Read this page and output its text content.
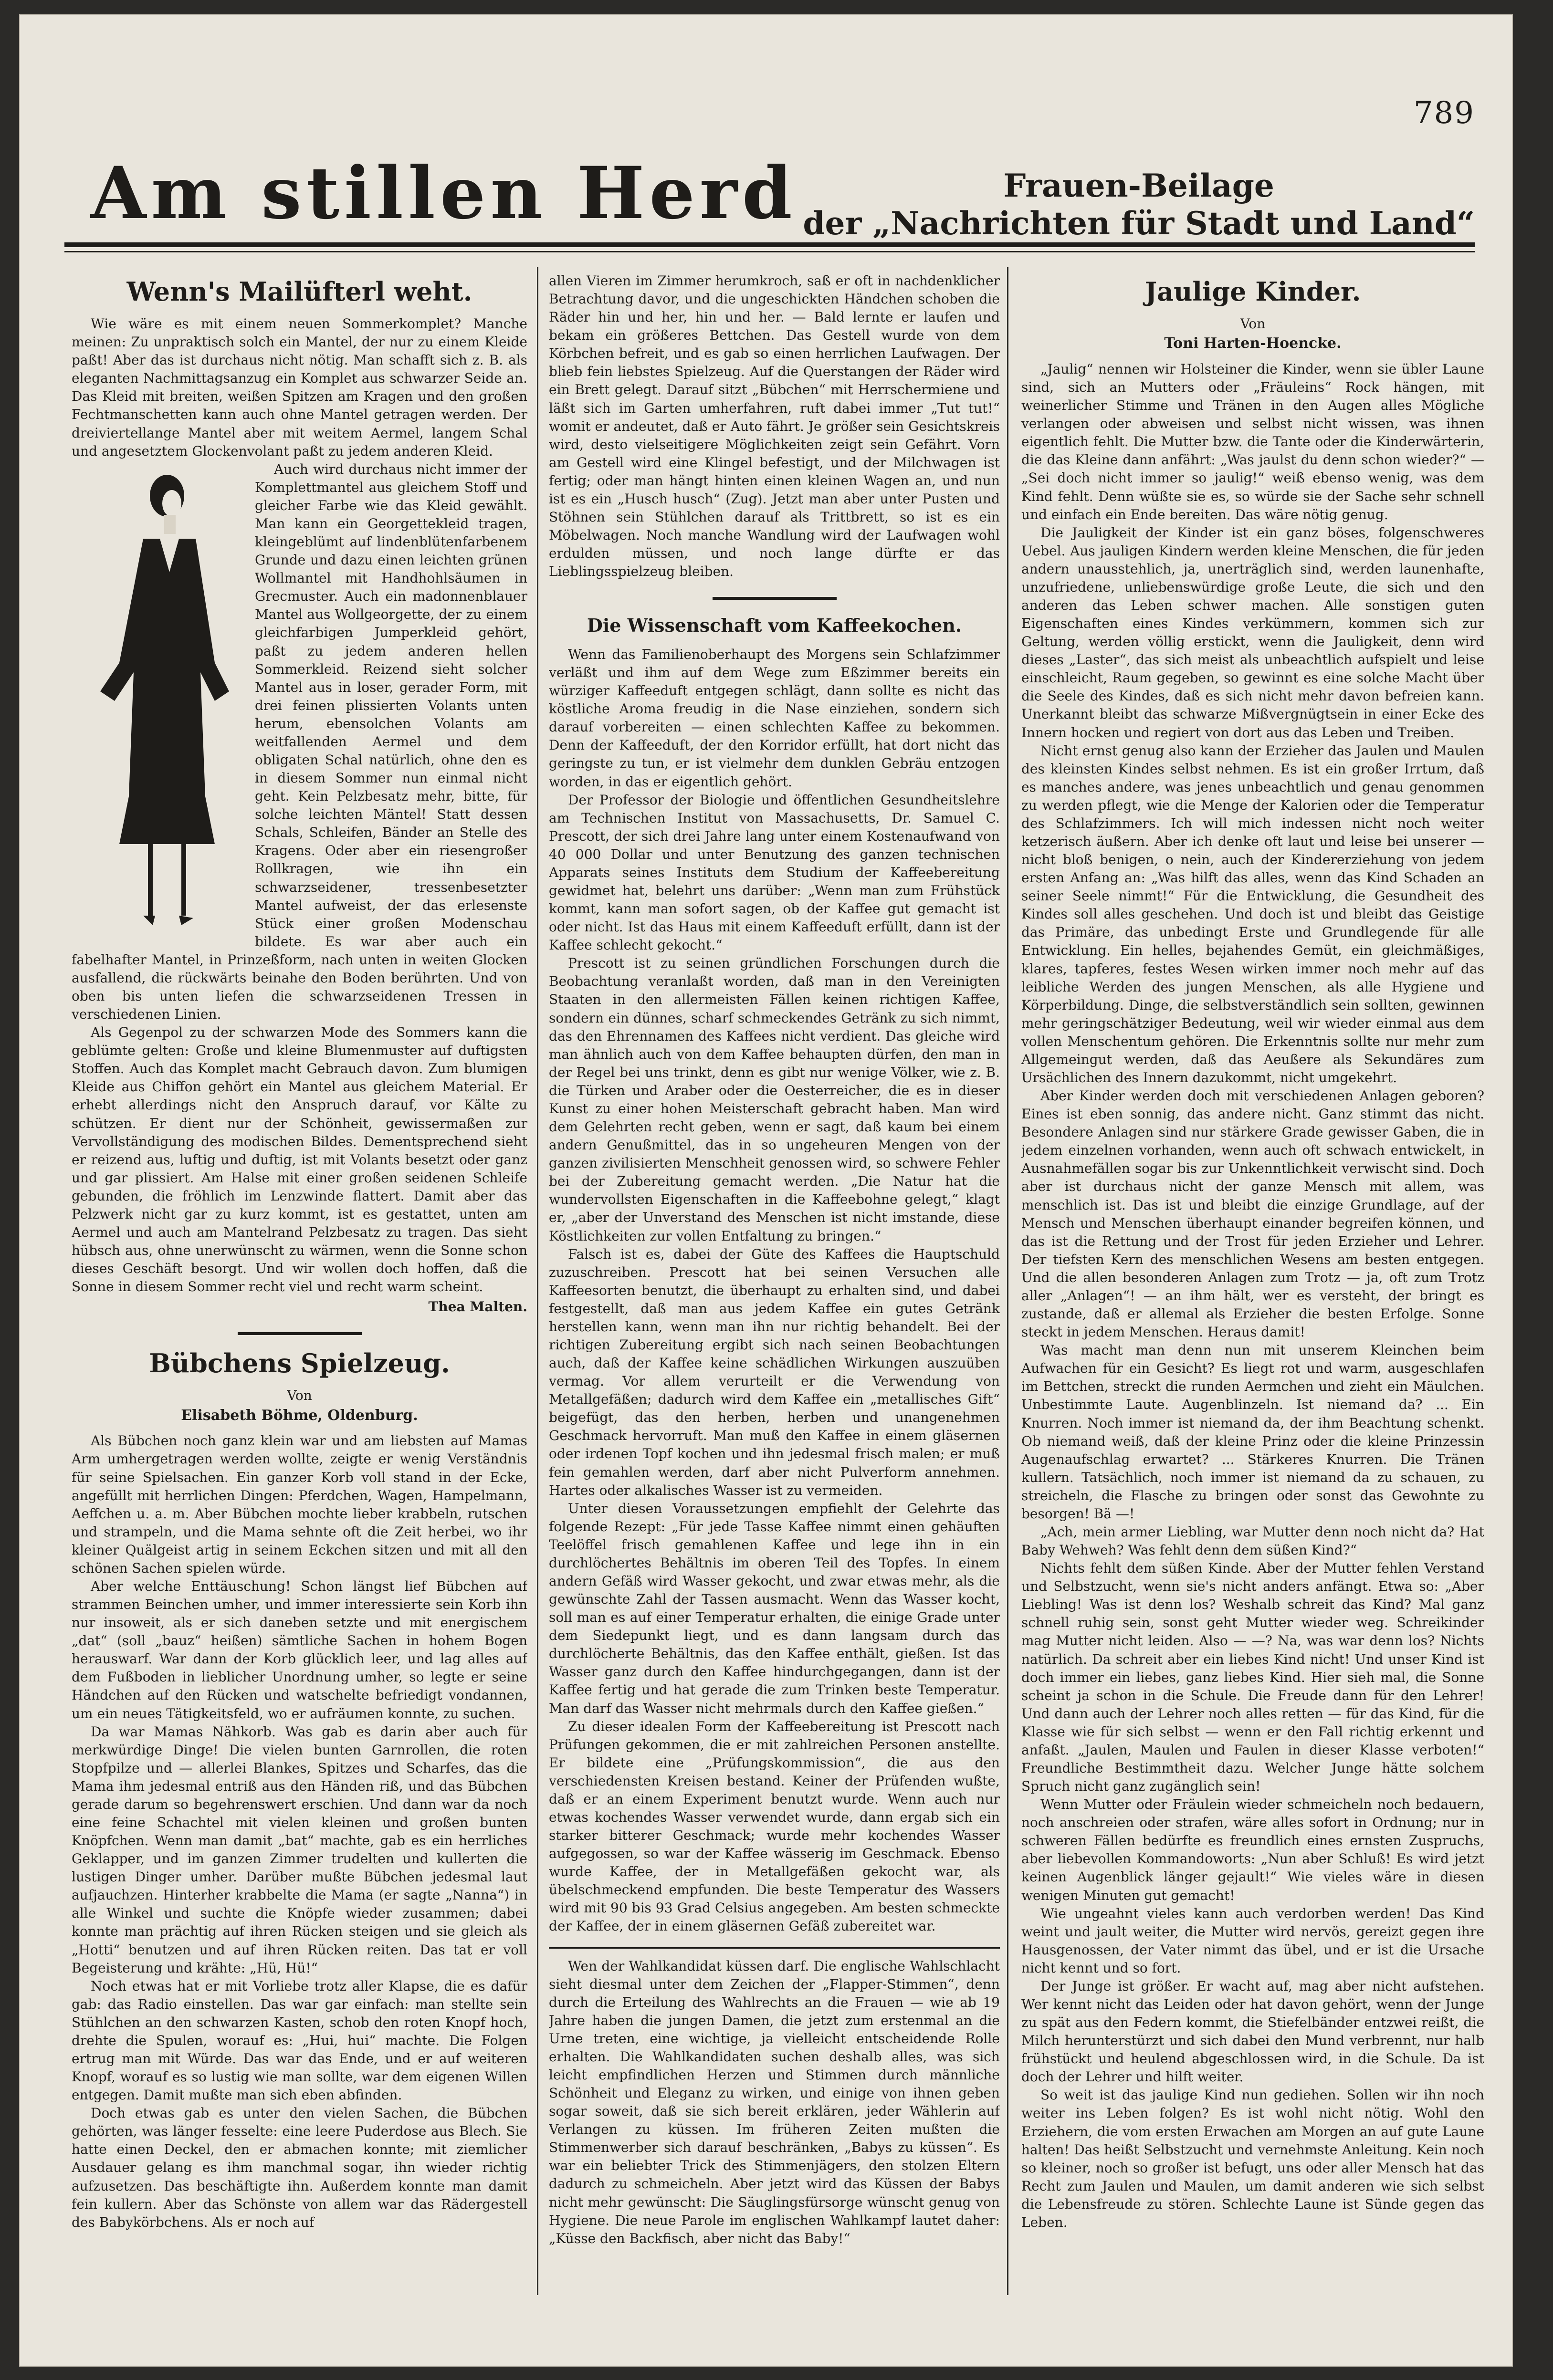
789
Am stillen Herd	Frauen-Beilage
der „Nachrichten für Stadt und Land“
Wenn's Mailüfterl weht.

Wie wäre es mit einem neuen Sommerkomplet? Manche meinen: Zu unpraktisch solch ein Mantel, der nur zu einem Kleide paßt! Aber das ist durchaus nicht nötig. Man schafft sich z. B. als eleganten Nachmittagsanzug ein Komplet aus schwarzer Seide an. Das Kleid mit breiten, weißen Spitzen am Kragen und den großen Fechtmanschetten kann auch ohne Mantel getragen werden. Der dreiviertellange Mantel aber mit weitem Aermel, langem Schal und angesetztem Glockenvolant paßt zu jedem anderen Kleid.

Auch wird durchaus nicht immer der Komplettmantel aus gleichem Stoff und gleicher Farbe wie das Kleid gewählt. Man kann ein Georgettekleid tragen, kleingeblümt auf lindenblütenfarbenem Grunde und dazu einen leichten grünen Wollmantel mit Handhohlsäumen in Grecmuster. Auch ein madonnenblauer Mantel aus Wollgeorgette, der zu einem gleichfarbigen Jumperkleid gehört, paßt zu jedem anderen hellen Sommerkleid. Reizend sieht solcher Mantel aus in loser, gerader Form, mit drei feinen plissierten Volants unten herum, ebensolchen Volants am weitfallenden Aermel und dem obligaten Schal natürlich, ohne den es in diesem Sommer nun einmal nicht geht. Kein Pelzbesatz mehr, bitte, für solche leichten Mäntel! Statt dessen Schals, Schleifen, Bänder an Stelle des Kragens. Oder aber ein riesengroßer Rollkragen, wie ihn ein schwarzseidener, tressenbesetzter Mantel aufweist, der das erlesenste Stück einer großen Modenschau bildete. Es war aber auch ein fabelhafter Mantel, in Prinzeßform, nach unten in weiten Glocken ausfallend, die rückwärts beinahe den Boden berührten. Und von oben bis unten liefen die schwarzseidenen Tressen in verschiedenen Linien.

Als Gegenpol zu der schwarzen Mode des Sommers kann die geblümte gelten: Große und kleine Blumenmuster auf duftigsten Stoffen. Auch das Komplet macht Gebrauch davon. Zum blumigen Kleide aus Chiffon gehört ein Mantel aus gleichem Material. Er erhebt allerdings nicht den Anspruch darauf, vor Kälte zu schützen. Er dient nur der Schönheit, gewissermaßen zur Vervollständigung des modischen Bildes. Dementsprechend sieht er reizend aus, luftig und duftig, ist mit Volants besetzt oder ganz und gar plissiert. Am Halse mit einer großen seidenen Schleife gebunden, die fröhlich im Lenzwinde flattert. Damit aber das Pelzwerk nicht gar zu kurz kommt, ist es gestattet, unten am Aermel und auch am Mantelrand Pelzbesatz zu tragen. Das sieht hübsch aus, ohne unerwünscht zu wärmen, wenn die Sonne schon dieses Geschäft besorgt. Und wir wollen doch hoffen, daß die Sonne in diesem Sommer recht viel und recht warm scheint.

Thea Malten.
Bübchens Spielzeug.
Von
Elisabeth Böhme, Oldenburg.

Als Bübchen noch ganz klein war und am liebsten auf Mamas Arm umhergetragen werden wollte, zeigte er wenig Verständnis für seine Spielsachen. Ein ganzer Korb voll stand in der Ecke, angefüllt mit herrlichen Dingen: Pferdchen, Wagen, Hampelmann, Aeffchen u. a. m. Aber Bübchen mochte lieber krabbeln, rutschen und strampeln, und die Mama sehnte oft die Zeit herbei, wo ihr kleiner Quälgeist artig in seinem Eckchen sitzen und mit all den schönen Sachen spielen würde.

Aber welche Enttäuschung! Schon längst lief Bübchen auf strammen Beinchen umher, und immer interessierte sein Korb ihn nur insoweit, als er sich daneben setzte und mit energischem „dat“ (soll „bauz“ heißen) sämtliche Sachen in hohem Bogen herauswarf. War dann der Korb glücklich leer, und lag alles auf dem Fußboden in lieblicher Unordnung umher, so legte er seine Händchen auf den Rücken und watschelte befriedigt vondannen, um ein neues Tätigkeitsfeld, wo er aufräumen konnte, zu suchen.

Da war Mamas Nähkorb. Was gab es darin aber auch für merkwürdige Dinge! Die vielen bunten Garnrollen, die roten Stopfpilze und — allerlei Blankes, Spitzes und Scharfes, das die Mama ihm jedesmal entriß aus den Händen riß, und das Bübchen gerade darum so begehrenswert erschien. Und dann war da noch eine feine Schachtel mit vielen kleinen und großen bunten Knöpfchen. Wenn man damit „bat“ machte, gab es ein herrliches Geklapper, und im ganzen Zimmer trudelten und kullerten die lustigen Dinger umher. Darüber mußte Bübchen jedesmal laut aufjauchzen. Hinterher krabbelte die Mama (er sagte „Nanna“) in alle Winkel und suchte die Knöpfe wieder zusammen; dabei konnte man prächtig auf ihren Rücken steigen und sie gleich als „Hotti“ benutzen und auf ihren Rücken reiten. Das tat er voll Begeisterung und krähte: „Hü, Hü!“

Noch etwas hat er mit Vorliebe trotz aller Klapse, die es dafür gab: das Radio einstellen. Das war gar einfach: man stellte sein Stühlchen an den schwarzen Kasten, schob den roten Knopf hoch, drehte die Spulen, worauf es: „Hui, hui“ machte. Die Folgen ertrug man mit Würde. Das war das Ende, und er auf weiteren Knopf, worauf es so lustig wie man sollte, war dem eigenen Willen entgegen. Damit mußte man sich eben abfinden.

Doch etwas gab es unter den vielen Sachen, die Bübchen gehörten, was länger fesselte: eine leere Puderdose aus Blech. Sie hatte einen Deckel, den er abmachen konnte; mit ziemlicher Ausdauer gelang es ihm manchmal sogar, ihn wieder richtig aufzusetzen. Das beschäftigte ihn. Außerdem konnte man damit fein kullern. Aber das Schönste von allem war das Rädergestell des Babykörbchens. Als er noch auf

allen Vieren im Zimmer herumkroch, saß er oft in nachdenklicher Betrachtung davor, und die ungeschickten Händchen schoben die Räder hin und her, hin und her. — Bald lernte er laufen und bekam ein größeres Bettchen. Das Gestell wurde von dem Körbchen befreit, und es gab so einen herrlichen Laufwagen. Der blieb fein liebstes Spielzeug. Auf die Querstangen der Räder wird ein Brett gelegt. Darauf sitzt „Bübchen“ mit Herrschermiene und läßt sich im Garten umherfahren, ruft dabei immer „Tut tut!“ womit er andeutet, daß er Auto fährt. Je größer sein Gesichtskreis wird, desto vielseitigere Möglichkeiten zeigt sein Gefährt. Vorn am Gestell wird eine Klingel befestigt, und der Milchwagen ist fertig; oder man hängt hinten einen kleinen Wagen an, und nun ist es ein „Husch husch“ (Zug). Jetzt man aber unter Pusten und Stöhnen sein Stühlchen darauf als Trittbrett, so ist es ein Möbelwagen. Noch manche Wandlung wird der Laufwagen wohl erdulden müssen, und noch lange dürfte er das Lieblingsspielzeug bleiben.

Die Wissenschaft vom Kaffeekochen.

Wenn das Familienoberhaupt des Morgens sein Schlafzimmer verläßt und ihm auf dem Wege zum Eßzimmer bereits ein würziger Kaffeeduft entgegen schlägt, dann sollte es nicht das köstliche Aroma freudig in die Nase einziehen, sondern sich darauf vorbereiten — einen schlechten Kaffee zu bekommen. Denn der Kaffeeduft, der den Korridor erfüllt, hat dort nicht das geringste zu tun, er ist vielmehr dem dunklen Gebräu entzogen worden, in das er eigentlich gehört.

Der Professor der Biologie und öffentlichen Gesundheitslehre am Technischen Institut von Massachusetts, Dr. Samuel C. Prescott, der sich drei Jahre lang unter einem Kostenaufwand von 40 000 Dollar und unter Benutzung des ganzen technischen Apparats seines Instituts dem Studium der Kaffeebereitung gewidmet hat, belehrt uns darüber: „Wenn man zum Frühstück kommt, kann man sofort sagen, ob der Kaffee gut gemacht ist oder nicht. Ist das Haus mit einem Kaffeeduft erfüllt, dann ist der Kaffee schlecht gekocht.“

Prescott ist zu seinen gründlichen Forschungen durch die Beobachtung veranlaßt worden, daß man in den Vereinigten Staaten in den allermeisten Fällen keinen richtigen Kaffee, sondern ein dünnes, scharf schmeckendes Getränk zu sich nimmt, das den Ehrennamen des Kaffees nicht verdient. Das gleiche wird man ähnlich auch von dem Kaffee behaupten dürfen, den man in der Regel bei uns trinkt, denn es gibt nur wenige Völker, wie z. B. die Türken und Araber oder die Oesterreicher, die es in dieser Kunst zu einer hohen Meisterschaft gebracht haben. Man wird dem Gelehrten recht geben, wenn er sagt, daß kaum bei einem andern Genußmittel, das in so ungeheuren Mengen von der ganzen zivilisierten Menschheit genossen wird, so schwere Fehler bei der Zubereitung gemacht werden. „Die Natur hat die wundervollsten Eigenschaften in die Kaffeebohne gelegt,“ klagt er, „aber der Unverstand des Menschen ist nicht imstande, diese Köstlichkeiten zur vollen Entfaltung zu bringen.“

Falsch ist es, dabei der Güte des Kaffees die Hauptschuld zuzuschreiben. Prescott hat bei seinen Versuchen alle Kaffeesorten benutzt, die überhaupt zu erhalten sind, und dabei festgestellt, daß man aus jedem Kaffee ein gutes Getränk herstellen kann, wenn man ihn nur richtig behandelt. Bei der richtigen Zubereitung ergibt sich nach seinen Beobachtungen auch, daß der Kaffee keine schädlichen Wirkungen auszuüben vermag. Vor allem verurteilt er die Verwendung von Metallgefäßen; dadurch wird dem Kaffee ein „metallisches Gift“ beigefügt, das den herben, herben und unangenehmen Geschmack hervorruft. Man muß den Kaffee in einem gläsernen oder irdenen Topf kochen und ihn jedesmal frisch malen; er muß fein gemahlen werden, darf aber nicht Pulverform annehmen. Hartes oder alkalisches Wasser ist zu vermeiden.

Unter diesen Voraussetzungen empfiehlt der Gelehrte das folgende Rezept: „Für jede Tasse Kaffee nimmt einen gehäuften Teelöffel frisch gemahlenen Kaffee und lege ihn in ein durchlöchertes Behältnis im oberen Teil des Topfes. In einem andern Gefäß wird Wasser gekocht, und zwar etwas mehr, als die gewünschte Zahl der Tassen ausmacht. Wenn das Wasser kocht, soll man es auf einer Temperatur erhalten, die einige Grade unter dem Siedepunkt liegt, und es dann langsam durch das durchlöcherte Behältnis, das den Kaffee enthält, gießen. Ist das Wasser ganz durch den Kaffee hindurchgegangen, dann ist der Kaffee fertig und hat gerade die zum Trinken beste Temperatur. Man darf das Wasser nicht mehrmals durch den Kaffee gießen.“

Zu dieser idealen Form der Kaffeebereitung ist Prescott nach Prüfungen gekommen, die er mit zahlreichen Personen anstellte. Er bildete eine „Prüfungskommission“, die aus den verschiedensten Kreisen bestand. Keiner der Prüfenden wußte, daß er an einem Experiment benutzt wurde. Wenn auch nur etwas kochendes Wasser verwendet wurde, dann ergab sich ein starker bitterer Geschmack; wurde mehr kochendes Wasser aufgegossen, so war der Kaffee wässerig im Geschmack. Ebenso wurde Kaffee, der in Metallgefäßen gekocht war, als übelschmeckend empfunden. Die beste Temperatur des Wassers wird mit 90 bis 93 Grad Celsius angegeben. Am besten schmeckte der Kaffee, der in einem gläsernen Gefäß zubereitet war.

Wen der Wahlkandidat küssen darf. Die englische Wahlschlacht sieht diesmal unter dem Zeichen der „Flapper-Stimmen“, denn durch die Erteilung des Wahlrechts an die Frauen — wie ab 19 Jahre haben die jungen Damen, die jetzt zum erstenmal an die Urne treten, eine wichtige, ja vielleicht entscheidende Rolle erhalten. Die Wahlkandidaten suchen deshalb alles, was sich leicht empfindlichen Herzen und Stimmen durch männliche Schönheit und Eleganz zu wirken, und einige von ihnen geben sogar soweit, daß sie sich bereit erklären, jeder Wählerin auf Verlangen zu küssen. Im früheren Zeiten mußten die Stimmenwerber sich darauf beschränken, „Babys zu küssen“. Es war ein beliebter Trick des Stimmenjägers, den stolzen Eltern dadurch zu schmeicheln. Aber jetzt wird das Küssen der Babys nicht mehr gewünscht: Die Säuglingsfürsorge wünscht genug von Hygiene. Die neue Parole im englischen Wahlkampf lautet daher: „Küsse den Backfisch, aber nicht das Baby!“

Jaulige Kinder.
Von
Toni Harten-Hoencke.

„Jaulig“ nennen wir Holsteiner die Kinder, wenn sie übler Laune sind, sich an Mutters oder „Fräuleins“ Rock hängen, mit weinerlicher Stimme und Tränen in den Augen alles Mögliche verlangen oder abweisen und selbst nicht wissen, was ihnen eigentlich fehlt. Die Mutter bzw. die Tante oder die Kinderwärterin, die das Kleine dann anfährt: „Was jaulst du denn schon wieder?“ — „Sei doch nicht immer so jaulig!“ weiß ebenso wenig, was dem Kind fehlt. Denn wüßte sie es, so würde sie der Sache sehr schnell und einfach ein Ende bereiten. Das wäre nötig genug.

Die Jauligkeit der Kinder ist ein ganz böses, folgenschweres Uebel. Aus jauligen Kindern werden kleine Menschen, die für jeden andern unausstehlich, ja, unerträglich sind, werden launenhafte, unzufriedene, unliebenswürdige große Leute, die sich und den anderen das Leben schwer machen. Alle sonstigen guten Eigenschaften eines Kindes verkümmern, kommen sich zur Geltung, werden völlig erstickt, wenn die Jauligkeit, denn wird dieses „Laster“, das sich meist als unbeachtlich aufspielt und leise einschleicht, Raum gegeben, so gewinnt es eine solche Macht über die Seele des Kindes, daß es sich nicht mehr davon befreien kann. Unerkannt bleibt das schwarze Mißvergnügtsein in einer Ecke des Innern hocken und regiert von dort aus das Leben und Treiben.

Nicht ernst genug also kann der Erzieher das Jaulen und Maulen des kleinsten Kindes selbst nehmen. Es ist ein großer Irrtum, daß es manches andere, was jenes unbeachtlich und genau genommen zu werden pflegt, wie die Menge der Kalorien oder die Temperatur des Schlafzimmers. Ich will mich indessen nicht noch weiter ketzerisch äußern. Aber ich denke oft laut und leise bei unserer — nicht bloß benigen, o nein, auch der Kindererziehung von jedem ersten Anfang an: „Was hilft das alles, wenn das Kind Schaden an seiner Seele nimmt!“ Für die Entwicklung, die Gesundheit des Kindes soll alles geschehen. Und doch ist und bleibt das Geistige das Primäre, das unbedingt Erste und Grundlegende für alle Entwicklung. Ein helles, bejahendes Gemüt, ein gleichmäßiges, klares, tapferes, festes Wesen wirken immer noch mehr auf das leibliche Werden des jungen Menschen, als alle Hygiene und Körperbildung. Dinge, die selbstverständlich sein sollten, gewinnen mehr geringschätziger Bedeutung, weil wir wieder einmal aus dem vollen Menschentum gehören. Die Erkenntnis sollte nur mehr zum Allgemeingut werden, daß das Aeußere als Sekundäres zum Ursächlichen des Innern dazukommt, nicht umgekehrt.

Aber Kinder werden doch mit verschiedenen Anlagen geboren? Eines ist eben sonnig, das andere nicht. Ganz stimmt das nicht. Besondere Anlagen sind nur stärkere Grade gewisser Gaben, die in jedem einzelnen vorhanden, wenn auch oft schwach entwickelt, in Ausnahmefällen sogar bis zur Unkenntlichkeit verwischt sind. Doch aber ist durchaus nicht der ganze Mensch mit allem, was menschlich ist. Das ist und bleibt die einzige Grundlage, auf der Mensch und Menschen überhaupt einander begreifen können, und das ist die Rettung und der Trost für jeden Erzieher und Lehrer. Der tiefsten Kern des menschlichen Wesens am besten entgegen. Und die allen besonderen Anlagen zum Trotz — ja, oft zum Trotz aller „Anlagen“! — an ihm hält, wer es versteht, der bringt es zustande, daß er allemal als Erzieher die besten Erfolge. Sonne steckt in jedem Menschen. Heraus damit!

Was macht man denn nun mit unserem Kleinchen beim Aufwachen für ein Gesicht? Es liegt rot und warm, ausgeschlafen im Bettchen, streckt die runden Aermchen und zieht ein Mäulchen. Unbestimmte Laute. Augenblinzeln. Ist niemand da? ... Ein Knurren. Noch immer ist niemand da, der ihm Beachtung schenkt. Ob niemand weiß, daß der kleine Prinz oder die kleine Prinzessin Augenaufschlag erwartet? ... Stärkeres Knurren. Die Tränen kullern. Tatsächlich, noch immer ist niemand da zu schauen, zu streicheln, die Flasche zu bringen oder sonst das Gewohnte zu besorgen! Bä —!

„Ach, mein armer Liebling, war Mutter denn noch nicht da? Hat Baby Wehweh? Was fehlt denn dem süßen Kind?“

Nichts fehlt dem süßen Kinde. Aber der Mutter fehlen Verstand und Selbstzucht, wenn sie's nicht anders anfängt. Etwa so: „Aber Liebling! Was ist denn los? Weshalb schreit das Kind? Mal ganz schnell ruhig sein, sonst geht Mutter wieder weg. Schreikinder mag Mutter nicht leiden. Also — —? Na, was war denn los? Nichts natürlich. Da schreit aber ein liebes Kind nicht! Und unser Kind ist doch immer ein liebes, ganz liebes Kind. Hier sieh mal, die Sonne scheint ja schon in die Schule. Die Freude dann für den Lehrer! Und dann auch der Lehrer noch alles retten — für das Kind, für die Klasse wie für sich selbst — wenn er den Fall richtig erkennt und anfaßt. „Jaulen, Maulen und Faulen in dieser Klasse verboten!“ Freundliche Bestimmtheit dazu. Welcher Junge hätte solchem Spruch nicht ganz zugänglich sein!

Wenn Mutter oder Fräulein wieder schmeicheln noch bedauern, noch anschreien oder strafen, wäre alles sofort in Ordnung; nur in schweren Fällen bedürfte es freundlich eines ernsten Zuspruchs, aber liebevollen Kommandoworts: „Nun aber Schluß! Es wird jetzt keinen Augenblick länger gejault!“ Wie vieles wäre in diesen wenigen Minuten gut gemacht!

Wie ungeahnt vieles kann auch verdorben werden! Das Kind weint und jault weiter, die Mutter wird nervös, gereizt gegen ihre Hausgenossen, der Vater nimmt das übel, und er ist die Ursache nicht kennt und so fort.

Der Junge ist größer. Er wacht auf, mag aber nicht aufstehen. Wer kennt nicht das Leiden oder hat davon gehört, wenn der Junge zu spät aus den Federn kommt, die Stiefelbänder entzwei reißt, die Milch herunterstürzt und sich dabei den Mund verbrennt, nur halb frühstückt und heulend abgeschlossen wird, in die Schule. Da ist doch der Lehrer und hilft weiter.

So weit ist das jaulige Kind nun gediehen. Sollen wir ihn noch weiter ins Leben folgen? Es ist wohl nicht nötig. Wohl den Erziehern, die vom ersten Erwachen am Morgen an auf gute Laune halten! Das heißt Selbstzucht und vernehmste Anleitung. Kein noch so kleiner, noch so großer ist befugt, uns oder aller Mensch hat das Recht zum Jaulen und Maulen, um damit anderen wie sich selbst die Lebensfreude zu stören. Schlechte Laune ist Sünde gegen das Leben.
